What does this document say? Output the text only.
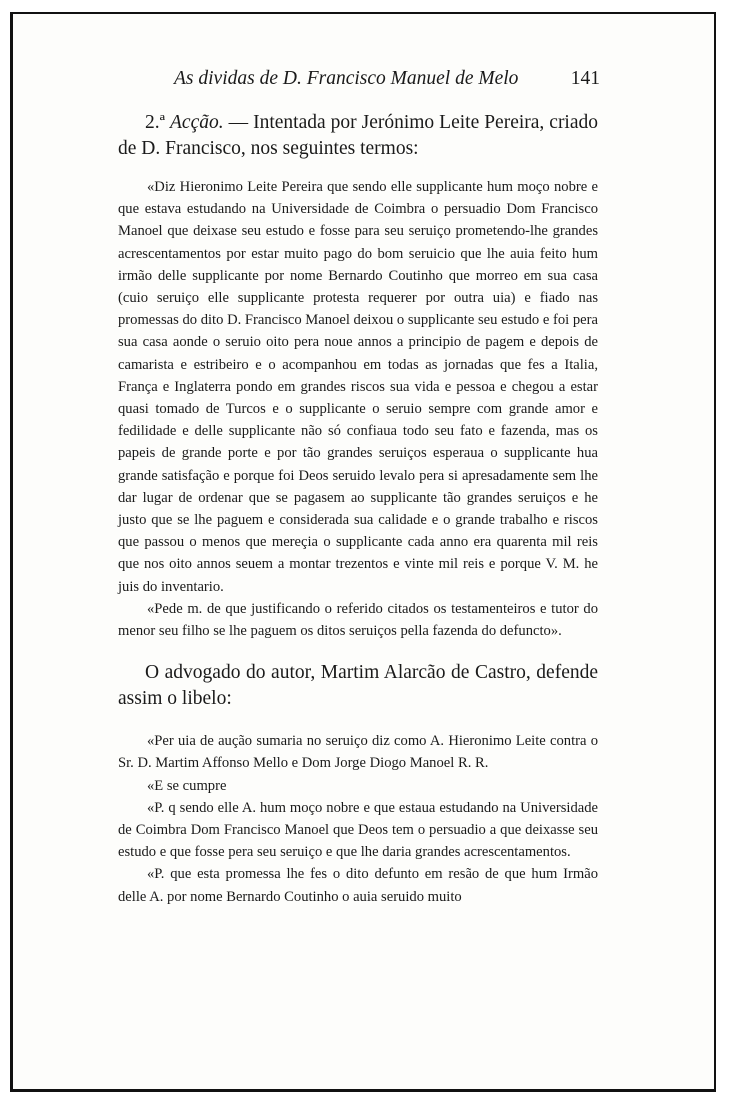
As dividas de D. Francisco Manuel de Melo	141
2.ª Acção. — Intentada por Jerónimo Leite Pereira, criado de D. Francisco, nos seguintes termos:

«Diz Hieronimo Leite Pereira que sendo elle supplicante hum moço nobre e que estava estudando na Universidade de Coimbra o persuadio Dom Francisco Manoel que deixase seu estudo e fosse para seu seruiço prometendo-lhe grandes acrescentamentos por estar muito pago do bom seruicio que lhe auia feito hum irmão delle supplicante por nome Bernardo Coutinho que morreo em sua casa (cuio seruiço elle supplicante protesta requerer por outra uia) e fiado nas promessas do dito D. Francisco Manoel deixou o supplicante seu estudo e foi pera sua casa aonde o seruio oito pera noue annos a principio de pagem e depois de camarista e estribeiro e o acompanhou em todas as jornadas que fes a Italia, França e Inglaterra pondo em grandes riscos sua vida e pessoa e chegou a estar quasi tomado de Turcos e o supplicante o seruio sempre com grande amor e fedilidade e delle supplicante não só confiaua todo seu fato e fazenda, mas os papeis de grande porte e por tão grandes seruiços esperaua o supplicante hua grande satisfação e porque foi Deos seruido levalo pera si apresadamente sem lhe dar lugar de ordenar que se pagasem ao supplicante tão grandes seruiços e he justo que se lhe paguem e considerada sua calidade e o grande trabalho e riscos que passou o menos que mereçia o supplicante cada anno era quarenta mil reis que nos oito annos seuem a montar trezentos e vinte mil reis e porque V. M. he juis do inventario.

«Pede m. de que justificando o referido citados os testamenteiros e tutor do menor seu filho se lhe paguem os ditos seruiços pella fazenda do defuncto».

O advogado do autor, Martim Alarcão de Castro, defende assim o libelo:

«Per uia de aução sumaria no seruiço diz como A. Hieronimo Leite contra o Sr. D. Martim Affonso Mello e Dom Jorge Diogo Manoel R. R.

«E se cumpre

«P. q sendo elle A. hum moço nobre e que estaua estudando na Universidade de Coimbra Dom Francisco Manoel que Deos tem o persuadio a que deixasse seu estudo e que fosse pera seu seruiço e que lhe daria grandes acrescentamentos.

«P. que esta promessa lhe fes o dito defunto em resão de que hum Irmão delle A. por nome Bernardo Coutinho o auia seruido muito
